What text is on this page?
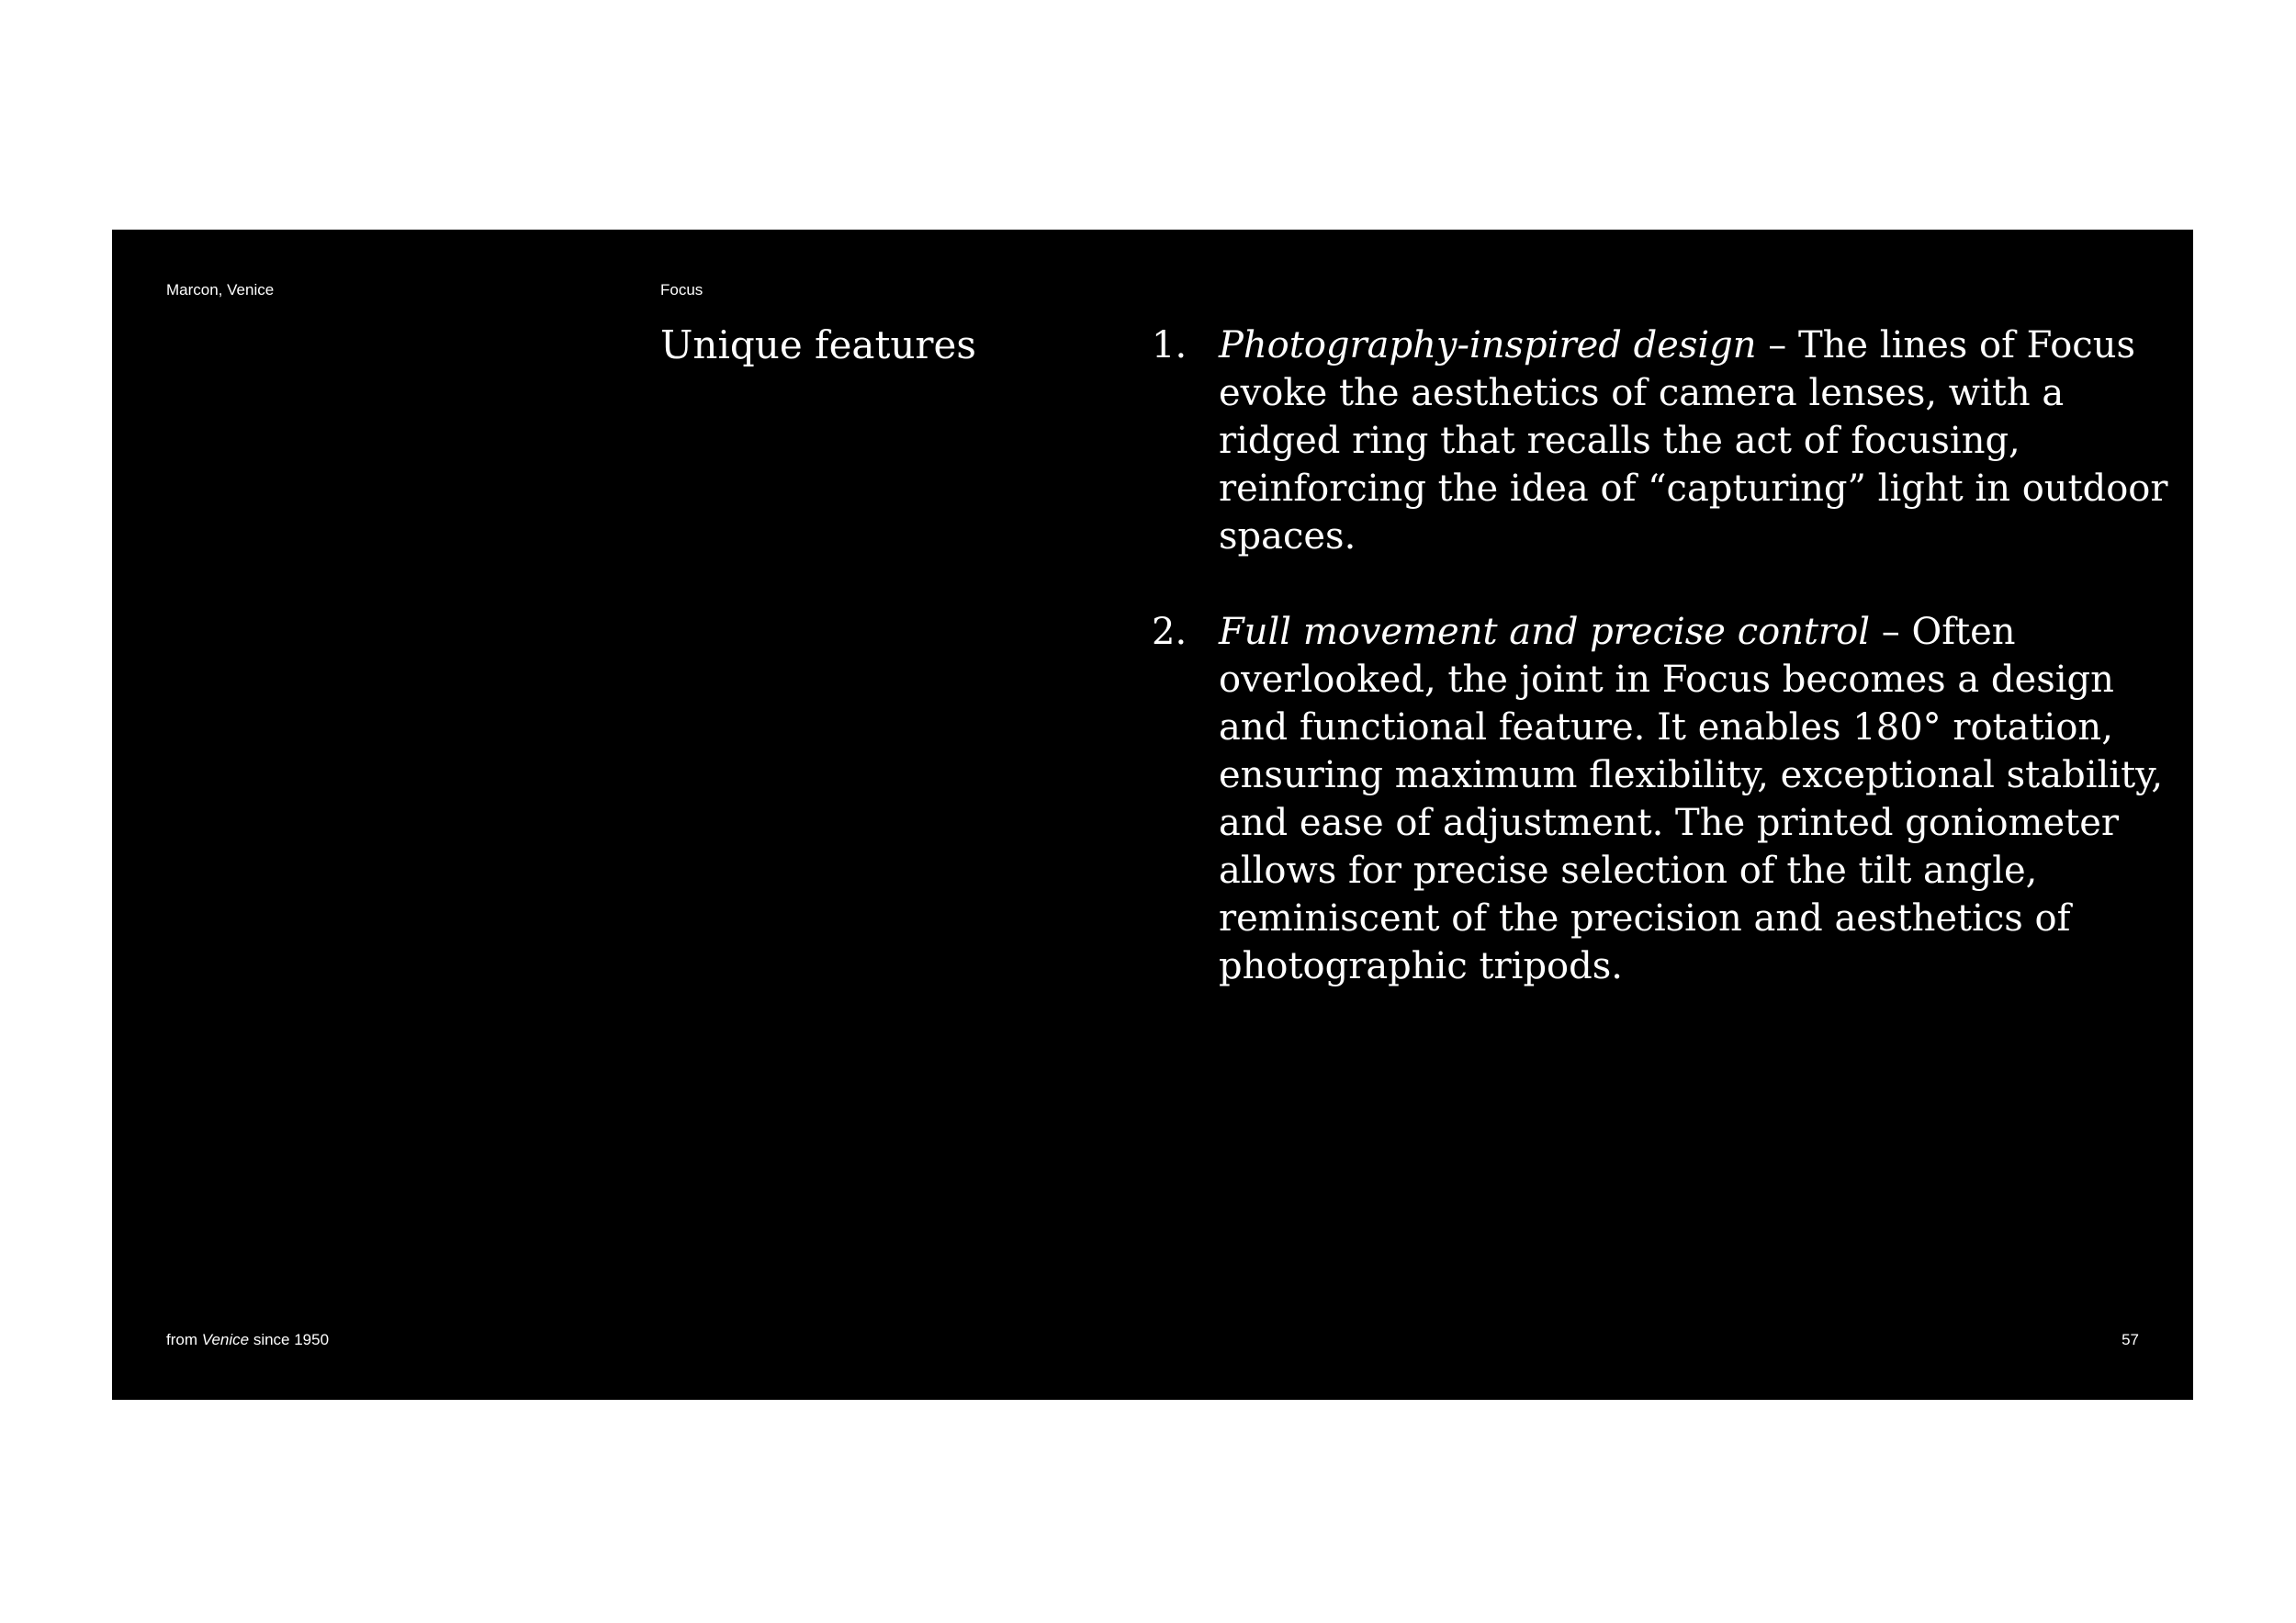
Marcon, Venice	Focus
Unique features	1. Photography-inspired design – The lines of Focus evoke the aesthetics of camera lenses, with a ridged ring that recalls the act of focusing, reinforcing the idea of “capturing” light in outdoor spaces.
2. Full movement and precise control – Often overlooked, the joint in Focus becomes a design and functional feature. It enables 180° rotation, ensuring maximum flexibility, exceptional stability, and ease of adjustment. The printed goniometer allows for precise selection of the tilt angle, reminiscent of the precision and aesthetics of photographic tripods.
from Venice since 1950	57
